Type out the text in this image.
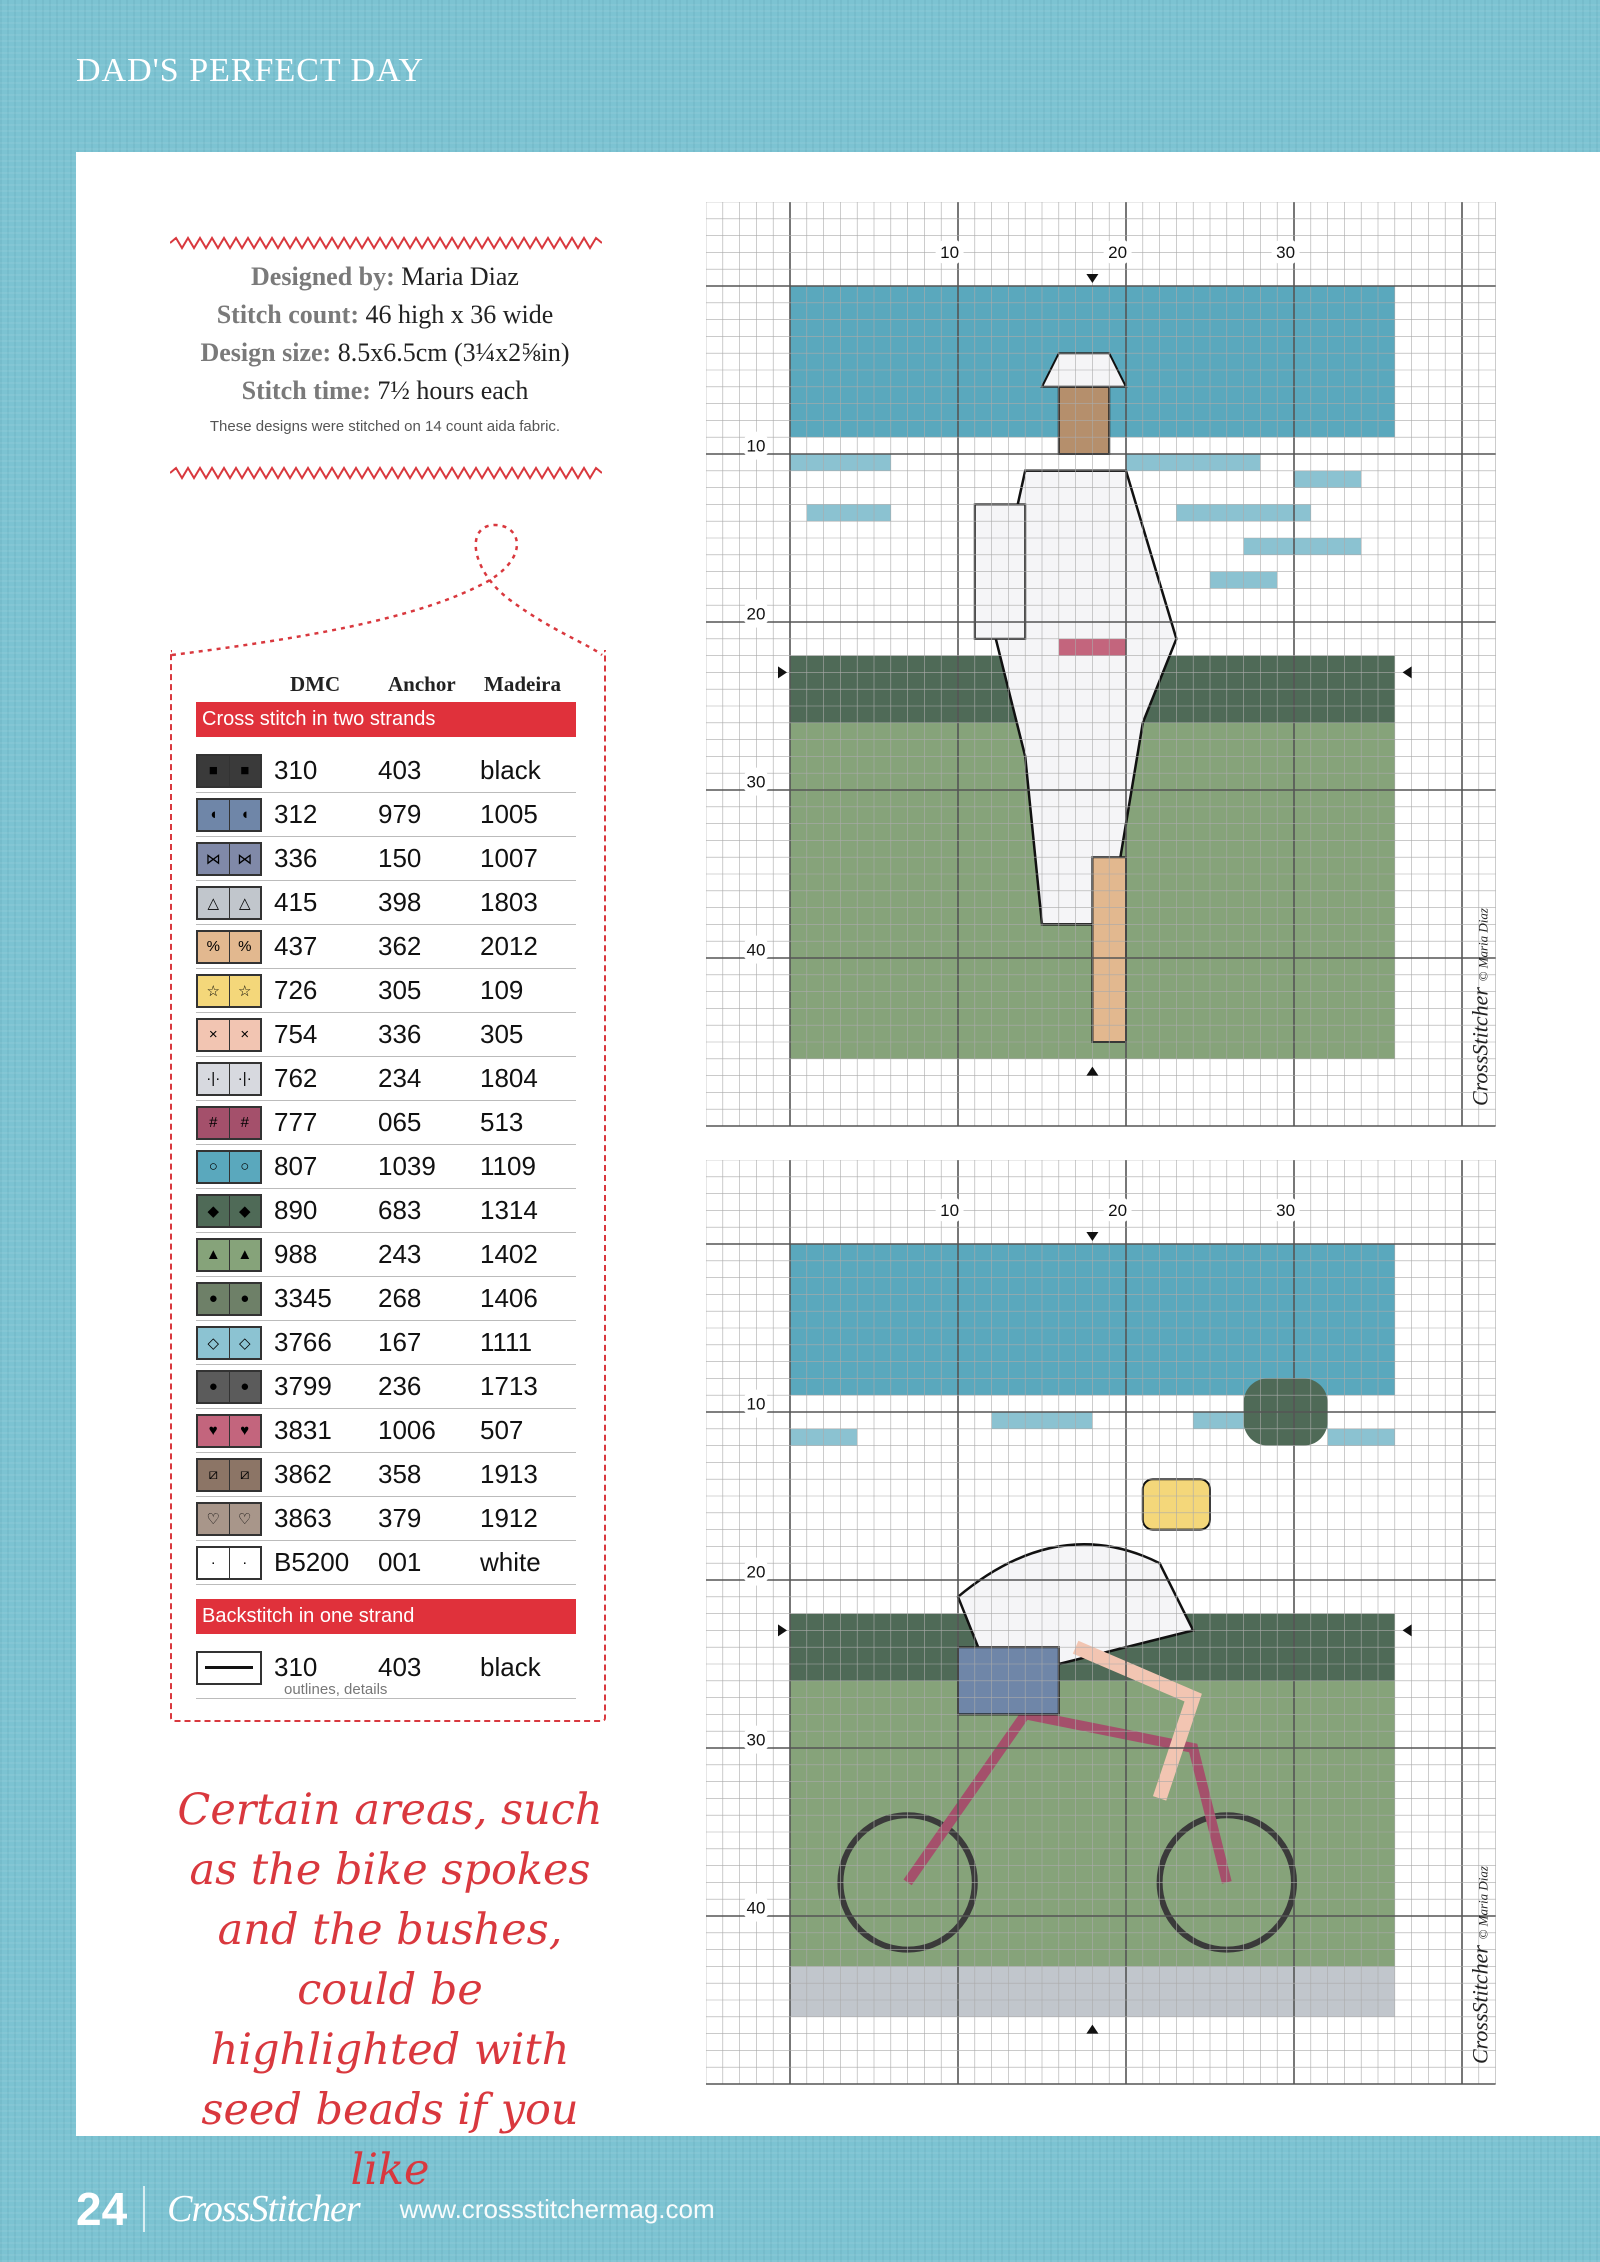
DAD'S PERFECT DAY
Designed by: Maria Diaz
Stitch count: 46 high x 36 wide
Design size: 8.5x6.5cm (3¼x2⅝in)
Stitch time: 7½ hours each
These designs were stitched on 14 count aida fabric.
DMC	Anchor	Madeira
Cross stitch in two strands
■	■ 310	403	black
◖	◖ 312	979	1005
⋈	⋈ 336	150	1007
△	△ 415	398	1803
%	% 437	362	2012
☆	☆ 726	305	109
×	× 754	336	305
·|·	·|· 762	234	1804
#	# 777	065	513
○	○ 807	1039	1109
◆	◆ 890	683	1314
▲	▲ 988	243	1402
●	● 3345	268	1406
◇	◇ 3766	167	1111
●	● 3799	236	1713
♥	♥ 3831	1006	507
⧄	⧄ 3862	358	1913
♡	♡ 3863	379	1912
·	·	B5200	001	white
Backstitch in one strand
310	403	black
outlines, details
Certain areas, such as the bike spokes and the bushes, could be highlighted with seed beads if you like
10	20	30
10
20
30
40
CrossStitcher © Maria Diaz
10	20	30
10
20
30
40
CrossStitcher © Maria Diaz
24 CrossStitcher www.crossstitchermag.com
